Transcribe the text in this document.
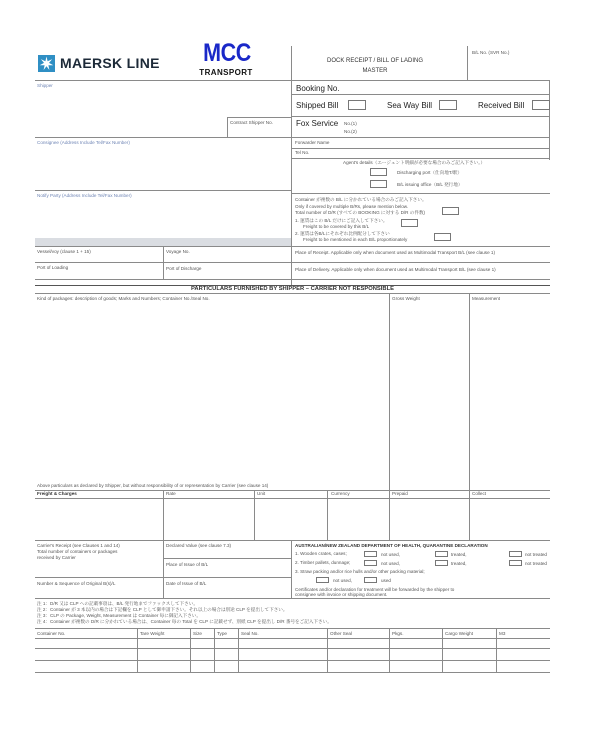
MAERSK LINE MCC
TRANSPORT
DOCK RECEIPT / BILL OF LADING
MASTER
B/L No. (SVR No.)
Shipper
Contract Shipper No.
Consignee (Address Include Tel/Fax Number)
Notify Party (Address Include Tel/Fax Number)
Booking No.
Shipped Bill	Sea Way Bill	Received Bill
Fox Service No.(1)
No.(2)
Forwarder Name
Tel No.
Agent's details（エージェント明細が必要な場合のみご記入下さい。）
Discharging port（仕向地T/駅）
B/L issuing office（B/L 発行地）
Container が複数の B/L に分かれている場合のみご記入下さい。
Only if covered by multiple B/Rs, please mention below.
Total number of D/R (すべての BOOKING に対する D/R の件数)
1. 運賃はこの B/L だけにご記入して下さい。
Freight to be covered by this B/L
2. 運賃は各B/Lにそれぞれ比例配分して下さい
Freight to be mentioned in each B/L proportionately
Vessel/voy (clause 1 + 15)	Voyage No.	Place of Receipt. Applicable only when document used as Multimodal Transport B/L (see clause 1)
Port of Loading	Port of Discharge	Place of Delivery. Applicable only when document used as Multimodal Transport B/L (see clause 1)
PARTICULARS FURNISHED BY SHIPPER – CARRIER NOT RESPONSIBLE
Kind of packages: description of goods; Marks and Numbers; Container No./Seal No.	Gross Weight	Measurement
Above particulars as declared by Shipper, but without responsibility of or representation by Carrier (see clause 14)
Freight & Charges	Rate	Unit	Currency	Prepaid	Collect
Carrier's Receipt (see Clauses 1 and 14)
Total number of containers or packages
received by Carrier
Declared Value (see clause 7.3)
Place of Issue of B/L
Number & Sequence of Original B(s)/L	Date of Issue of B/L
AUSTRALIAN/NEW ZEALAND DEPARTMENT OF HEALTH, QUARANTINE DECLARATION
1. Wooden crates, cases;	not used,	treated,	not treated
2. Timber pallets, dunnage;	not used,	treated,	not treated
3. Straw packing and/or rice hulls and/or other packing material;
not used,	used
Certificates and/or declaration for treatment will be forwarded by the shipper to
consignee with invoice or shipping document.
注 1：D/R 又は CLP への記載事項は、B/L 発行地までファックスして下さい。
注 2：Container が 3 本以内の場合は下記欄を CLP として御申請下さい。それ以上の場合は別途 CLP を提出して下さい。
注 3：CLP の Package, Weight, Measurement は Container 毎に御記入下さい。
注 4：Container が複数の D/R に分かれている場合は、Container 毎の Total を CLP に記載せず、別紙 CLP を提出し D/R 番号をご記入下さい。
Container No.	Tare Weight	Size	Type	Seal No.	Other Seal	Pkgs.	Cargo Weight	M3
